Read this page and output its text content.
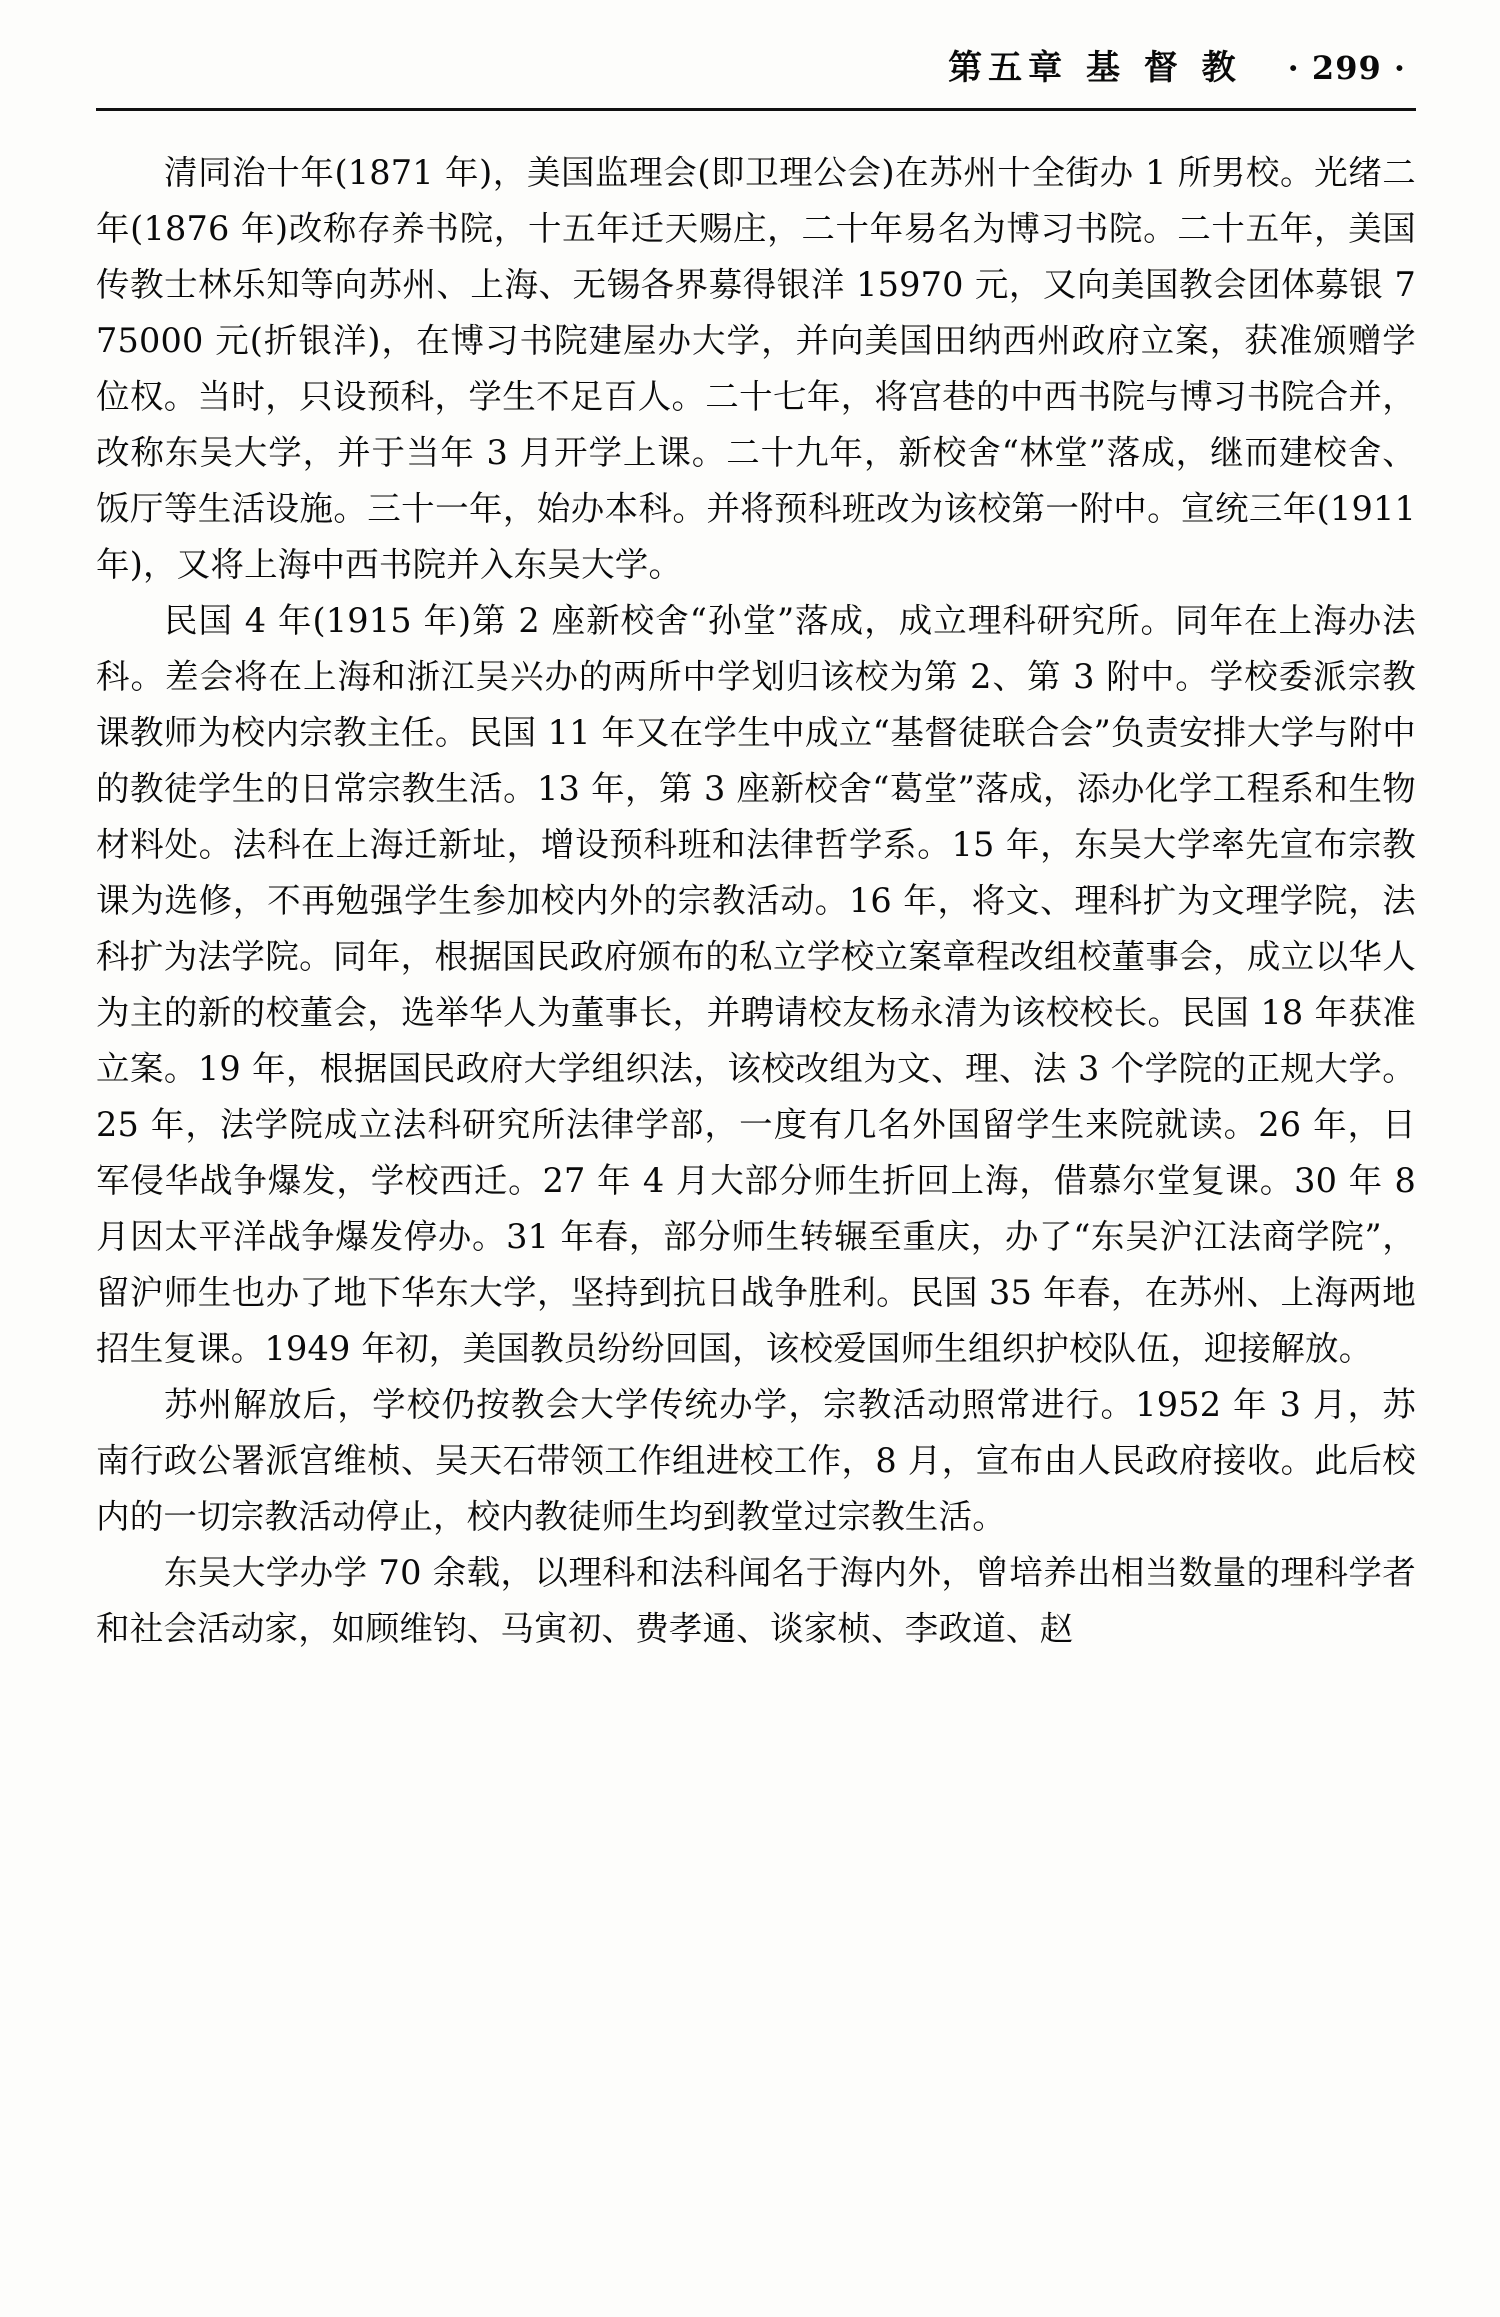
第五章 基 督 教 · 299 ·

清同治十年(1871 年)，美国监理会(即卫理公会)在苏州十全街办 1 所男校。光绪二年(1876 年)改称存养书院，十五年迁天赐庄，二十年易名为博习书院。二十五年，美国传教士林乐知等向苏州、上海、无锡各界募得银洋 15970 元，又向美国教会团体募银 775000 元(折银洋)，在博习书院建屋办大学，并向美国田纳西州政府立案，获准颁赠学位权。当时，只设预科，学生不足百人。二十七年，将宫巷的中西书院与博习书院合并，改称东吴大学，并于当年 3 月开学上课。二十九年，新校舍“林堂”落成，继而建校舍、饭厅等生活设施。三十一年，始办本科。并将预科班改为该校第一附中。宣统三年(1911 年)，又将上海中西书院并入东吴大学。

民国 4 年(1915 年)第 2 座新校舍“孙堂”落成，成立理科研究所。同年在上海办法科。差会将在上海和浙江吴兴办的两所中学划归该校为第 2、第 3 附中。学校委派宗教课教师为校内宗教主任。民国 11 年又在学生中成立“基督徒联合会”负责安排大学与附中的教徒学生的日常宗教生活。13 年，第 3 座新校舍“葛堂”落成，添办化学工程系和生物材料处。法科在上海迁新址，增设预科班和法律哲学系。15 年，东吴大学率先宣布宗教课为选修，不再勉强学生参加校内外的宗教活动。16 年，将文、理科扩为文理学院，法科扩为法学院。同年，根据国民政府颁布的私立学校立案章程改组校董事会，成立以华人为主的新的校董会，选举华人为董事长，并聘请校友杨永清为该校校长。民国 18 年获准立案。19 年，根据国民政府大学组织法，该校改组为文、理、法 3 个学院的正规大学。25 年，法学院成立法科研究所法律学部，一度有几名外国留学生来院就读。26 年，日军侵华战争爆发，学校西迁。27 年 4 月大部分师生折回上海，借慕尔堂复课。30 年 8 月因太平洋战争爆发停办。31 年春，部分师生转辗至重庆，办了“东吴沪江法商学院”，留沪师生也办了地下华东大学，坚持到抗日战争胜利。民国 35 年春，在苏州、上海两地招生复课。1949 年初，美国教员纷纷回国，该校爱国师生组织护校队伍，迎接解放。

苏州解放后，学校仍按教会大学传统办学，宗教活动照常进行。1952 年 3 月，苏南行政公署派宫维桢、吴天石带领工作组进校工作，8 月，宣布由人民政府接收。此后校内的一切宗教活动停止，校内教徒师生均到教堂过宗教生活。

东吴大学办学 70 余载，以理科和法科闻名于海内外，曾培养出相当数量的理科学者和社会活动家，如顾维钧、马寅初、费孝通、谈家桢、李政道、赵
